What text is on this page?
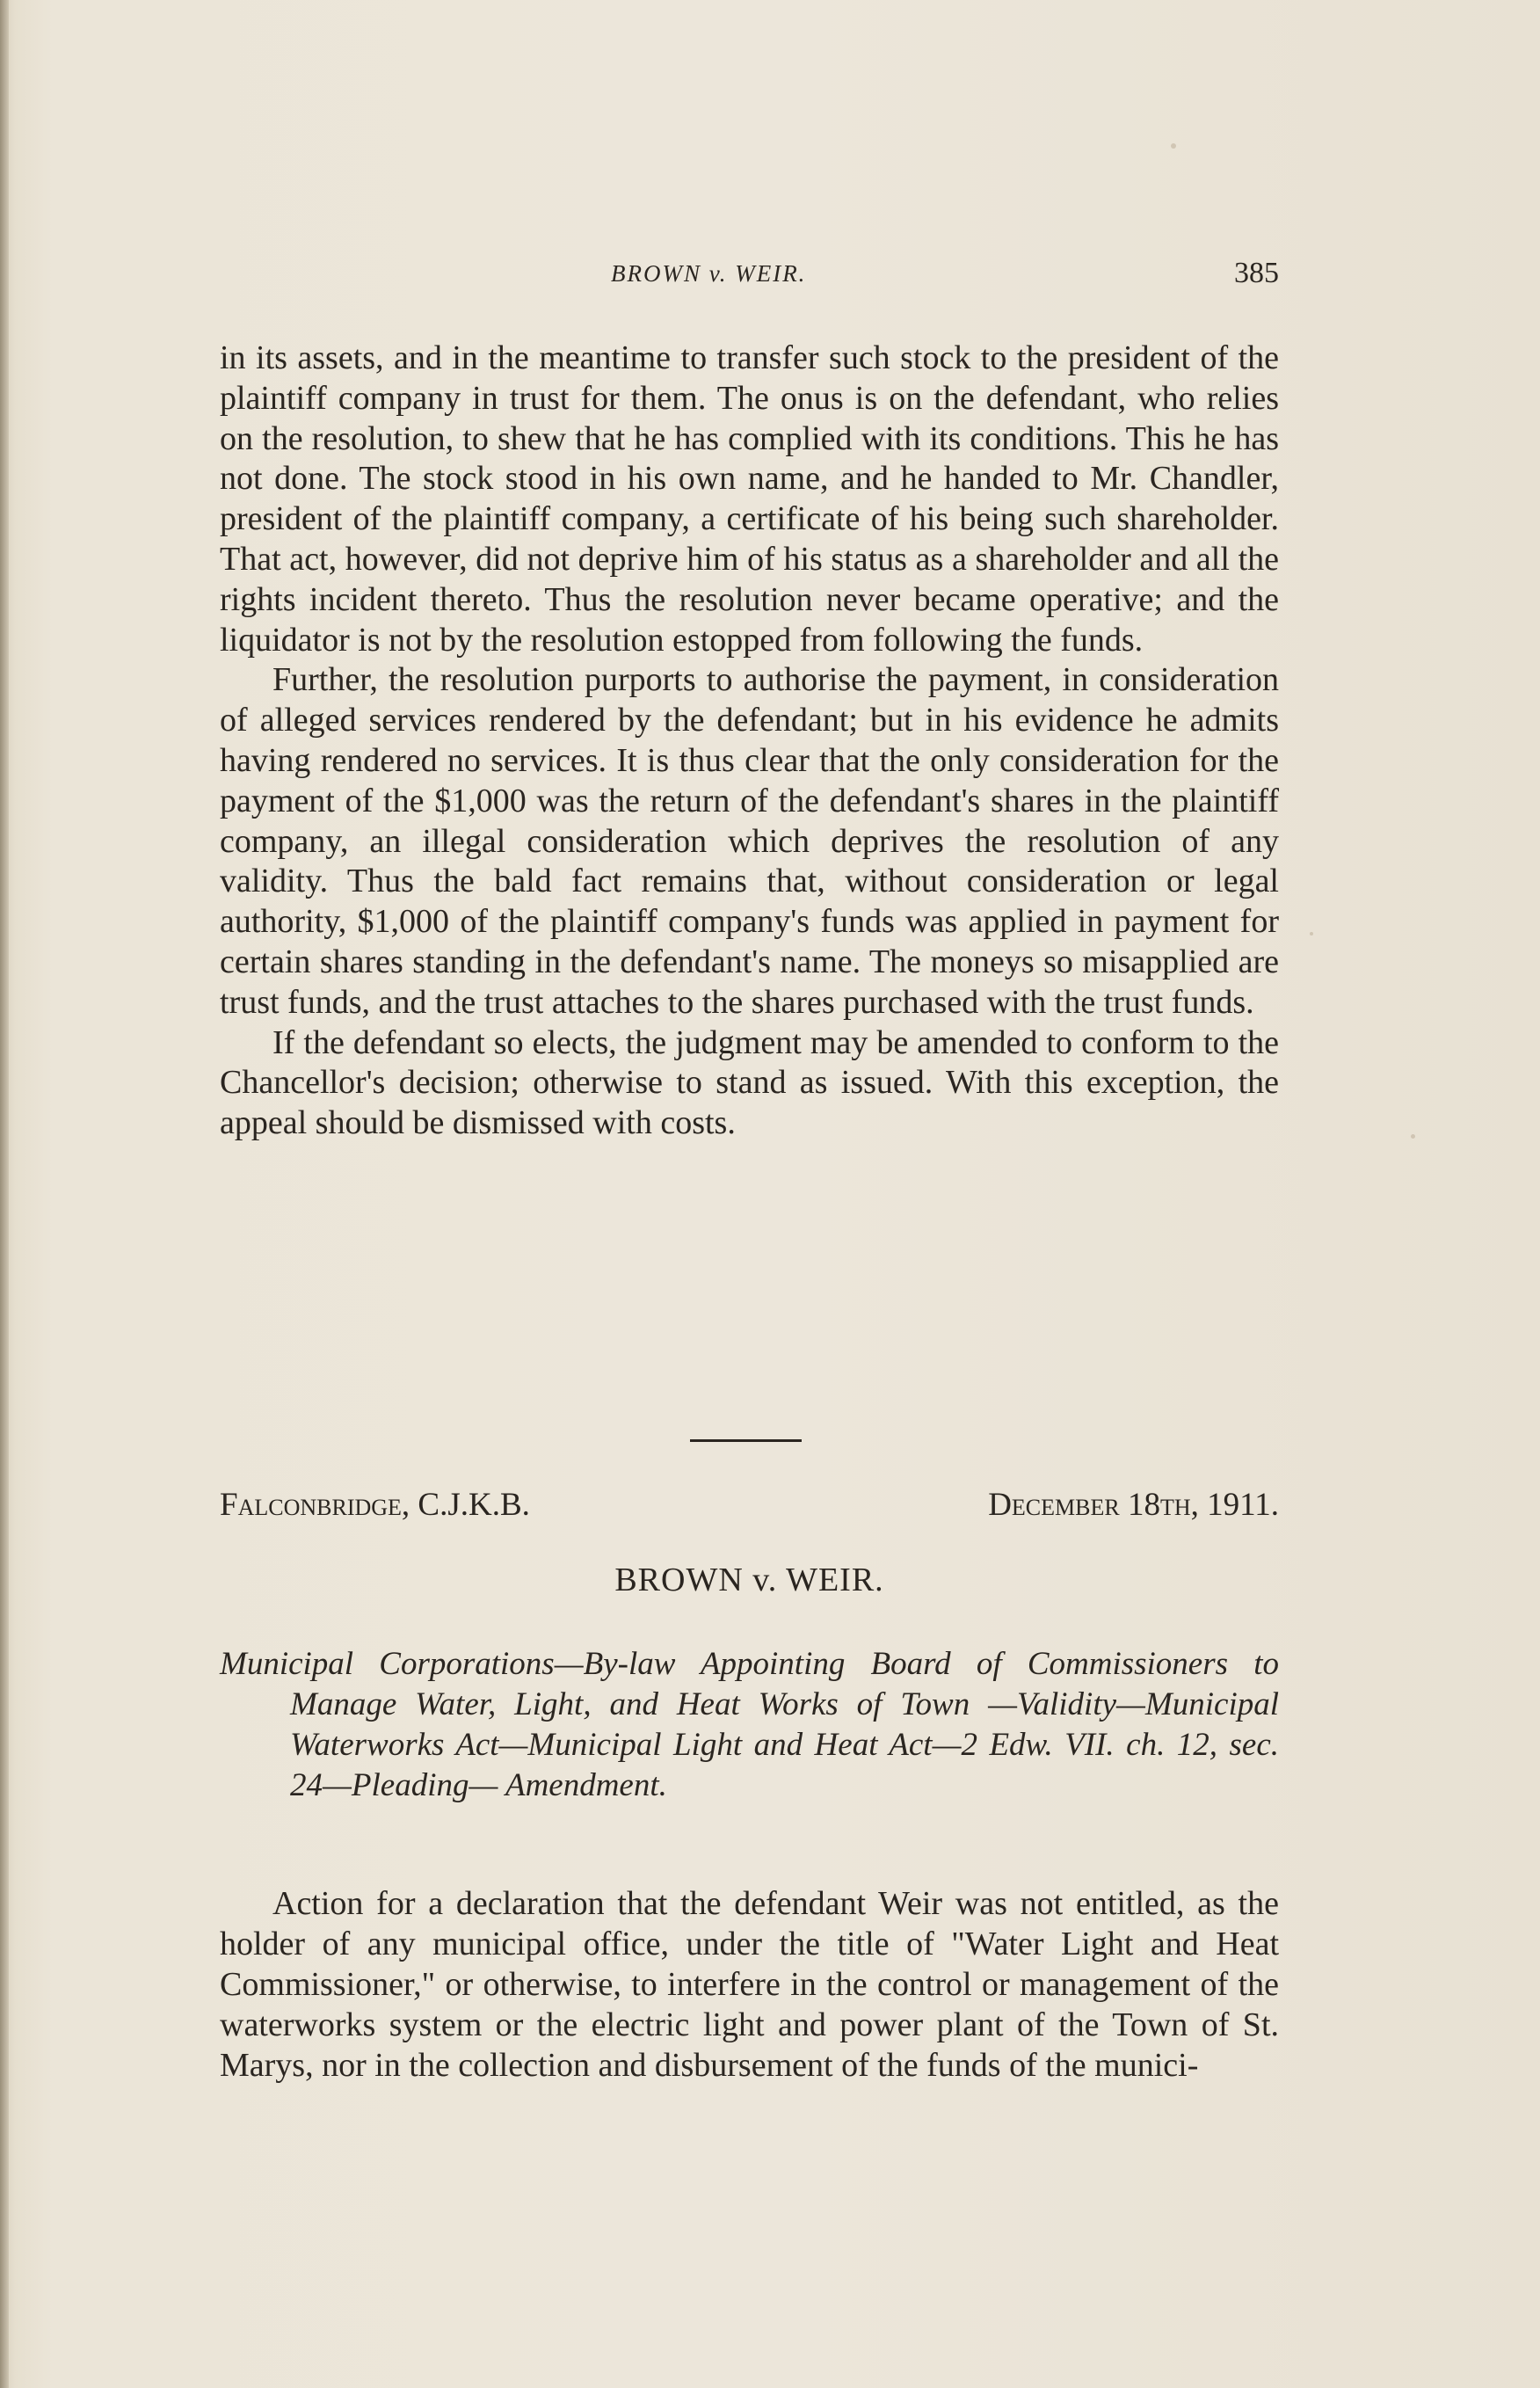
BROWN v. WEIR.	385

in its assets, and in the meantime to transfer such stock to the president of the plaintiff company in trust for them. The onus is on the defendant, who relies on the resolution, to shew that he has complied with its conditions. This he has not done. The stock stood in his own name, and he handed to Mr. Chandler, president of the plaintiff company, a certificate of his being such shareholder. That act, however, did not deprive him of his status as a shareholder and all the rights incident thereto. Thus the resolution never became operative; and the liquidator is not by the resolution estopped from following the funds.

Further, the resolution purports to authorise the payment, in consideration of alleged services rendered by the defendant; but in his evidence he admits having rendered no services. It is thus clear that the only consideration for the payment of the $1,000 was the return of the defendant's shares in the plaintiff company, an illegal consideration which deprives the resolution of any validity. Thus the bald fact remains that, without consideration or legal authority, $1,000 of the plaintiff company's funds was applied in payment for certain shares standing in the defendant's name. The moneys so misapplied are trust funds, and the trust attaches to the shares purchased with the trust funds.

If the defendant so elects, the judgment may be amended to conform to the Chancellor's decision; otherwise to stand as issued. With this exception, the appeal should be dismissed with costs.

Falconbridge, C.J.K.B.	December 18th, 1911.
BROWN v. WEIR.
Municipal Corporations—By-law Appointing Board of Commissioners to Manage Water, Light, and Heat Works of Town —Validity—Municipal Waterworks Act—Municipal Light and Heat Act—2 Edw. VII. ch. 12, sec. 24—Pleading— Amendment.
Action for a declaration that the defendant Weir was not entitled, as the holder of any municipal office, under the title of "Water Light and Heat Commissioner," or otherwise, to interfere in the control or management of the waterworks system or the electric light and power plant of the Town of St. Marys, nor in the collection and disbursement of the funds of the munici-
